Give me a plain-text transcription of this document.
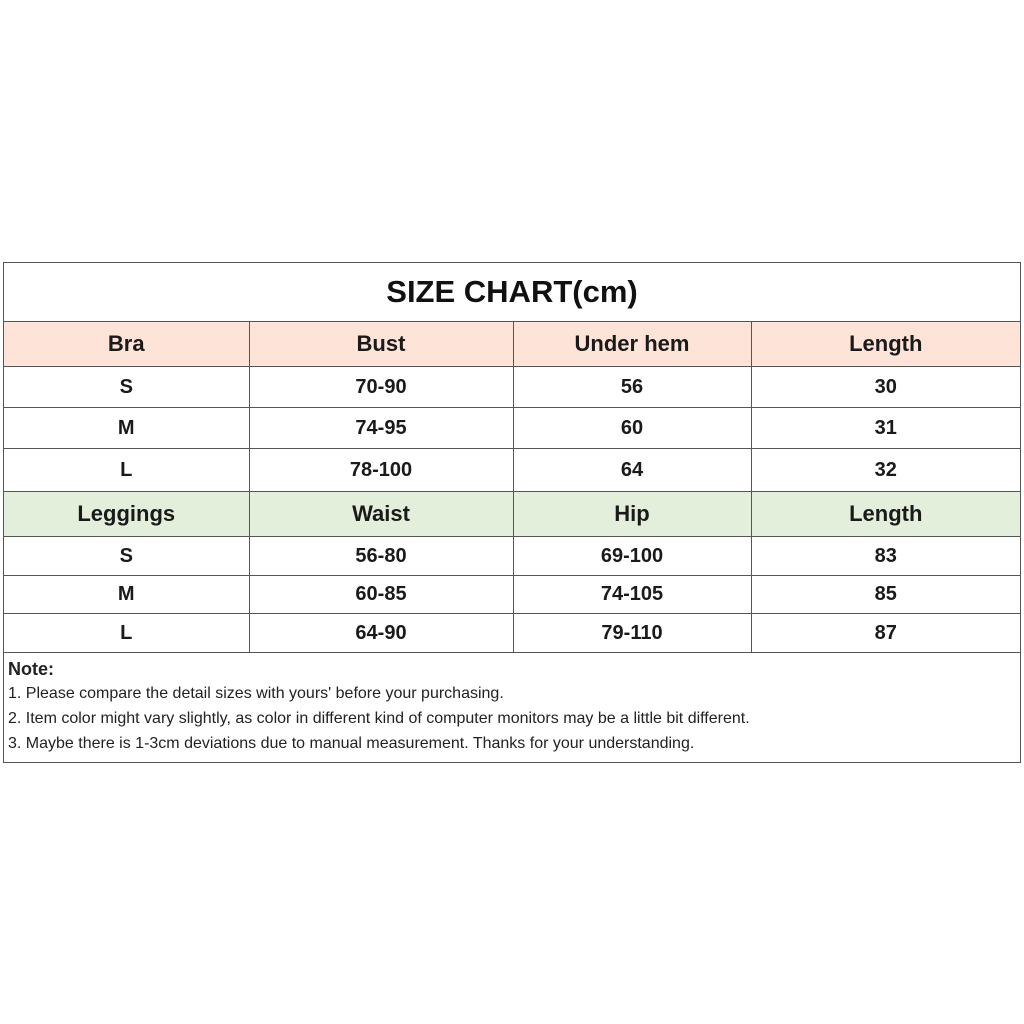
SIZE CHART(cm)
Bra	Bust	Under hem	Length
S	70-90	56	30
M	74-95	60	31
L	78-100	64	32
Leggings	Waist	Hip	Length
S	56-80	69-100	83
M	60-85	74-105	85
L	64-90	79-110	87
Note:
1. Please compare the detail sizes with yours' before your purchasing.
2. Item color might vary slightly, as color in different kind of computer monitors may be a little bit different.
3. Maybe there is 1-3cm deviations due to manual measurement. Thanks for your understanding.
